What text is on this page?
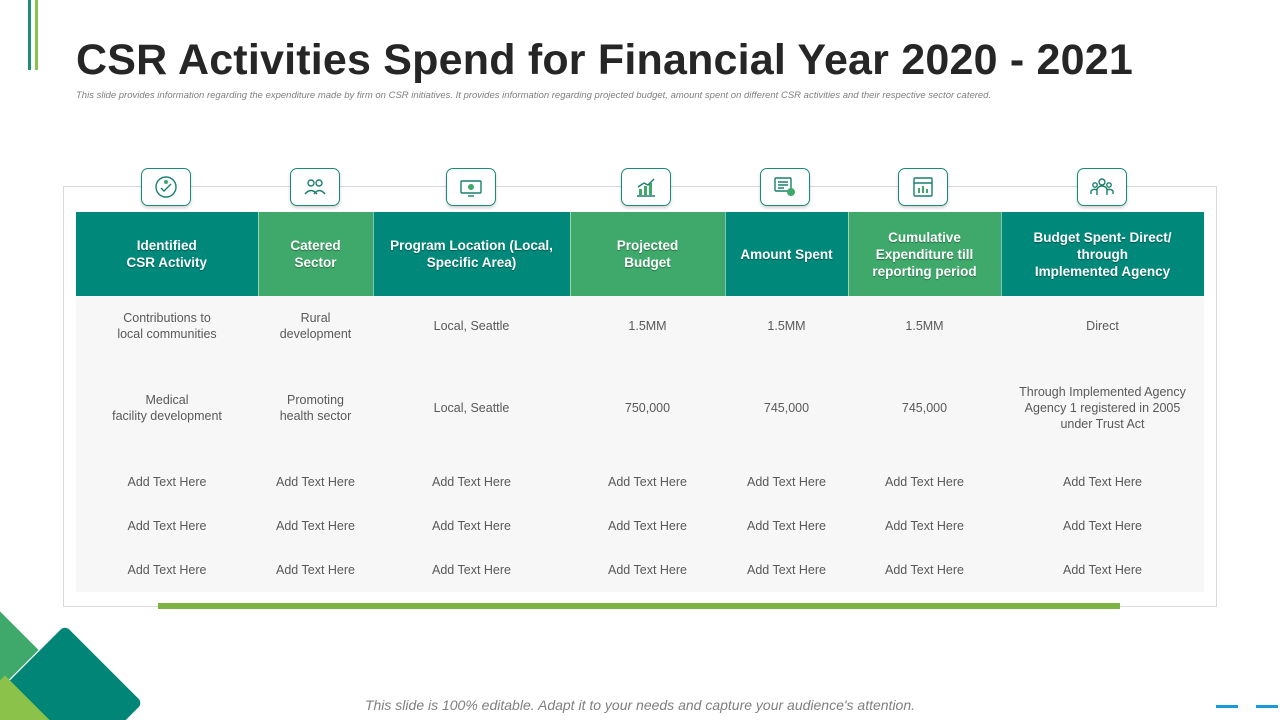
CSR Activities Spend for Financial Year 2020 - 2021

This slide provides information regarding the expenditure made by firm on CSR initiatives. It provides information regarding projected budget, amount spent on different CSR activities and their respective sector catered.

Identified
CSR Activity	Catered
Sector	Program Location (Local,
Specific Area)	Projected
Budget	Amount Spent	Cumulative
Expenditure till
reporting period	Budget Spent- Direct/
through
Implemented Agency

Contributions to
local communities	Rural
development	Local, Seattle	1.5MM	1.5MM	1.5MM	Direct

Medical
facility development	Promoting
health sector	Local, Seattle	750,000	745,000	745,000	Through Implemented Agency
Agency 1 registered in 2005
under Trust Act

Add Text Here	Add Text Here	Add Text Here	Add Text Here	Add Text Here	Add Text Here	Add Text Here

Add Text Here	Add Text Here	Add Text Here	Add Text Here	Add Text Here	Add Text Here	Add Text Here

Add Text Here	Add Text Here	Add Text Here	Add Text Here	Add Text Here	Add Text Here	Add Text Here

This slide is 100% editable. Adapt it to your needs and capture your audience's attention.
